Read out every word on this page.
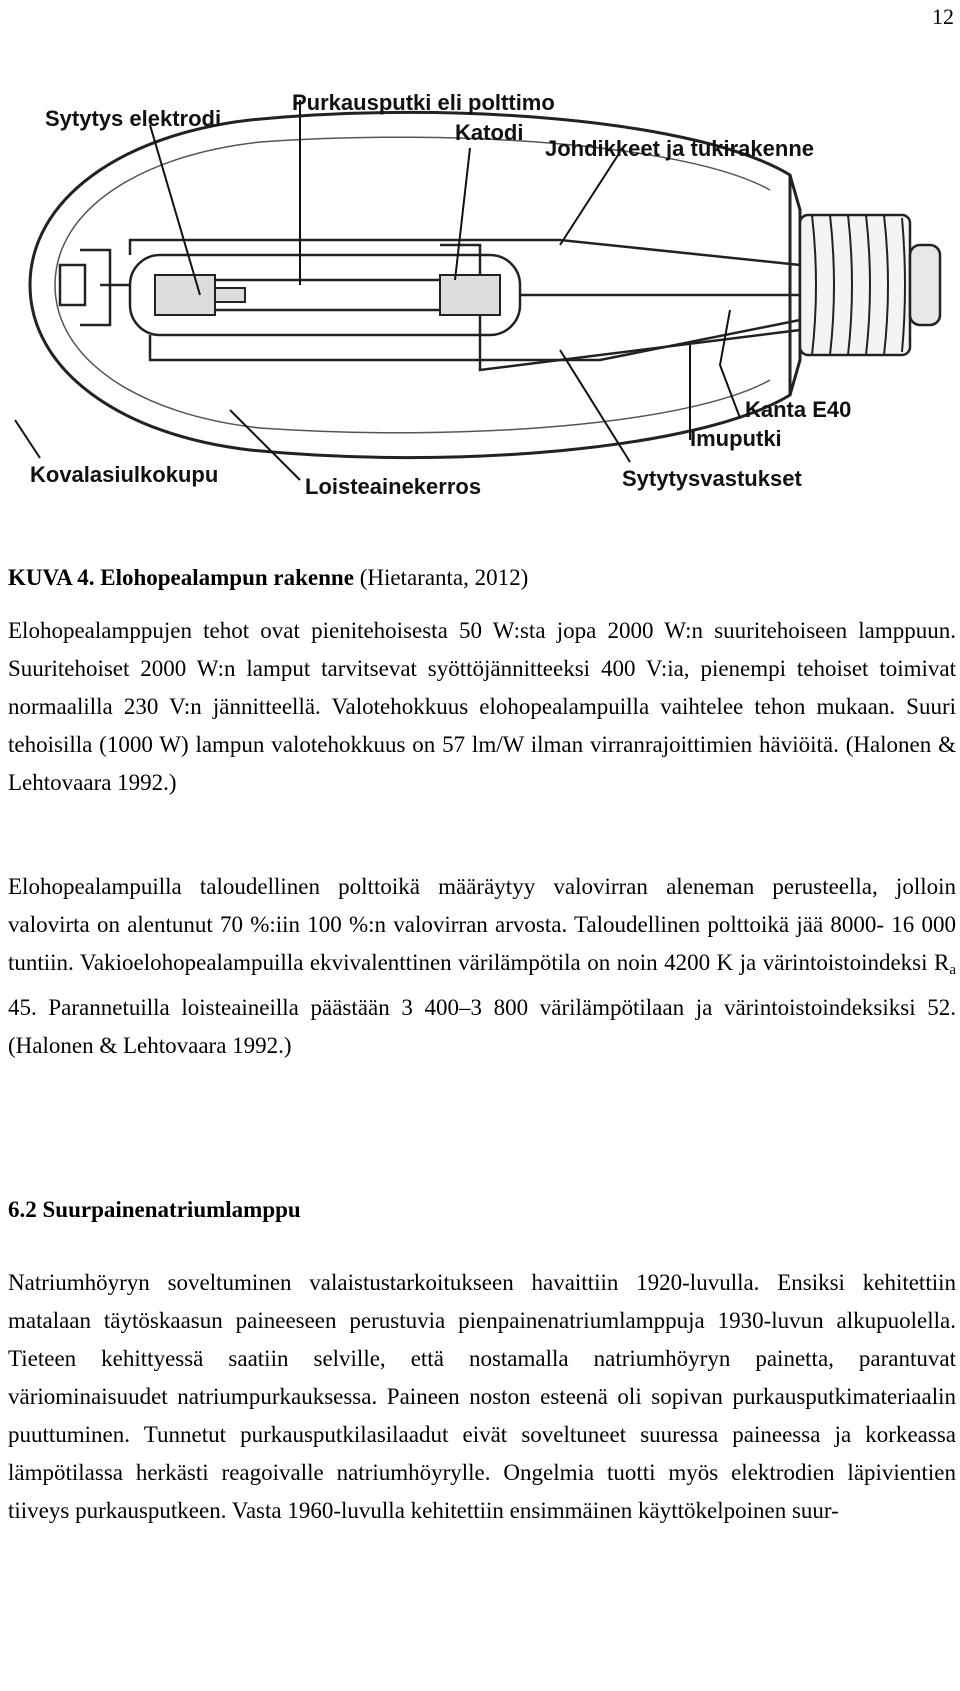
12
Sytytys elektrodi
Purkausputki eli polttimo
Katodi
Johdikkeet ja tukirakenne
Kanta E40
Imuputki
Kovalasiulkokupu	Loisteainekerros	Sytytysvastukset
KUVA 4. Elohopealampun rakenne (Hietaranta, 2012)
Elohopealamppujen tehot ovat pienitehoisesta 50 W:sta jopa 2000 W:n suuritehoiseen lamppuun. Suuritehoiset 2000 W:n lamput tarvitsevat syöttöjännitteeksi 400 V:ia, pienempi tehoiset toimivat normaalilla 230 V:n jännitteellä. Valotehokkuus elohopealampuilla vaihtelee tehon mukaan. Suuri tehoisilla (1000 W) lampun valotehokkuus on 57 lm/W ilman virranrajoittimien häviöitä. (Halonen & Lehtovaara 1992.)
Elohopealampuilla taloudellinen polttoikä määräytyy valovirran aleneman perusteella, jolloin valovirta on alentunut 70 %:iin 100 %:n valovirran arvosta. Taloudellinen polttoikä jää 8000- 16 000 tuntiin. Vakioelohopealampuilla ekvivalenttinen värilämpötila on noin 4200 K ja värintoistoindeksi $R_a$ 45. Parannetuilla loisteaineilla päästään 3 400–3 800 värilämpötilaan ja värintoistoindeksiksi 52. (Halonen & Lehtovaara 1992.)
6.2 Suurpainenatriumlamppu
Natriumhöyryn soveltuminen valaistustarkoitukseen havaittiin 1920-luvulla. Ensiksi kehitettiin matalaan täytöskaasun paineeseen perustuvia pienpainenatriumlamppuja 1930-luvun alkupuolella. Tieteen kehittyessä saatiin selville, että nostamalla natriumhöyryn painetta, parantuvat väriominaisuudet natriumpurkauksessa. Paineen noston esteenä oli sopivan purkausputkimateriaalin puuttuminen. Tunnetut purkausputkilasilaadut eivät soveltuneet suuressa paineessa ja korkeassa lämpötilassa herkästi reagoivalle natriumhöyrylle. Ongelmia tuotti myös elektrodien läpivientien tiiveys purkausputkeen. Vasta 1960-luvulla kehitettiin ensimmäinen käyttökelpoinen suur-
